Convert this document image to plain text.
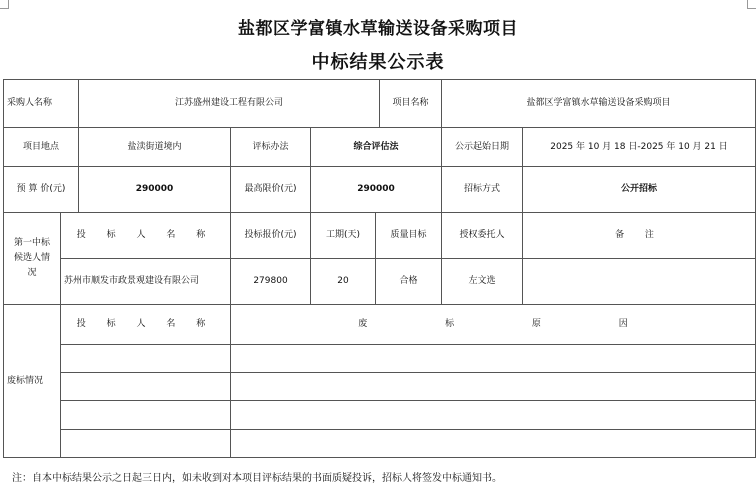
盐都区学富镇水草输送设备采购项目
中标结果公示表
采购人名称	江苏盛州建设工程有限公司	项目名称	盐都区学富镇水草输送设备采购项目
项目地点	盐渎街道境内	评标办法	综合评估法	公示起始日期	2025 年 10 月 18 日-2025 年 10 月 21 日
预 算 价(元)	290000	最高限价(元)	290000	招标方式	公开招标
第一中标候选人情况
投 标 人 名 称	投标报价(元)	工期(天)	质量目标	授权委托人	备 注
苏州市顺发市政景观建设有限公司	279800	20	合格	左文选
废标情况
投 标 人 名 称	废 标 原 因
注：自本中标结果公示之日起三日内，如未收到对本项目评标结果的书面质疑投诉，招标人将签发中标通知书。
